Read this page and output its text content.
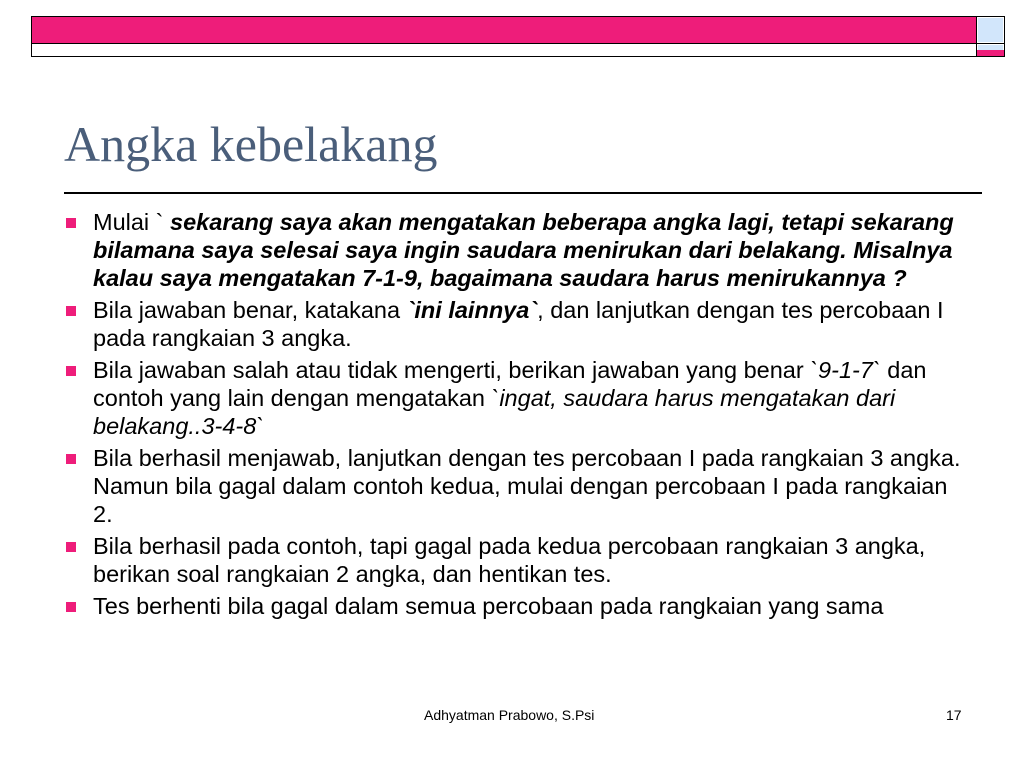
Angka kebelakang
Mulai ` sekarang saya akan mengatakan beberapa angka lagi, tetapi sekarang bilamana saya selesai saya ingin saudara menirukan dari belakang. Misalnya kalau saya mengatakan 7-1-9, bagaimana saudara harus menirukannya ?
Bila jawaban benar, katakana `ini lainnya`, dan lanjutkan dengan tes percobaan I pada rangkaian 3 angka.
Bila jawaban salah atau tidak mengerti, berikan jawaban yang benar `9-1-7` dan contoh yang lain dengan mengatakan `ingat, saudara harus mengatakan dari belakang..3-4-8`
Bila berhasil menjawab, lanjutkan dengan tes percobaan I pada rangkaian 3 angka. Namun bila gagal dalam contoh kedua, mulai dengan percobaan I pada rangkaian 2.
Bila berhasil pada contoh, tapi gagal pada kedua percobaan rangkaian 3 angka, berikan soal rangkaian 2 angka, dan hentikan tes.
Tes berhenti bila gagal dalam semua percobaan pada rangkaian yang sama
Adhyatman Prabowo, S.Psi	17
